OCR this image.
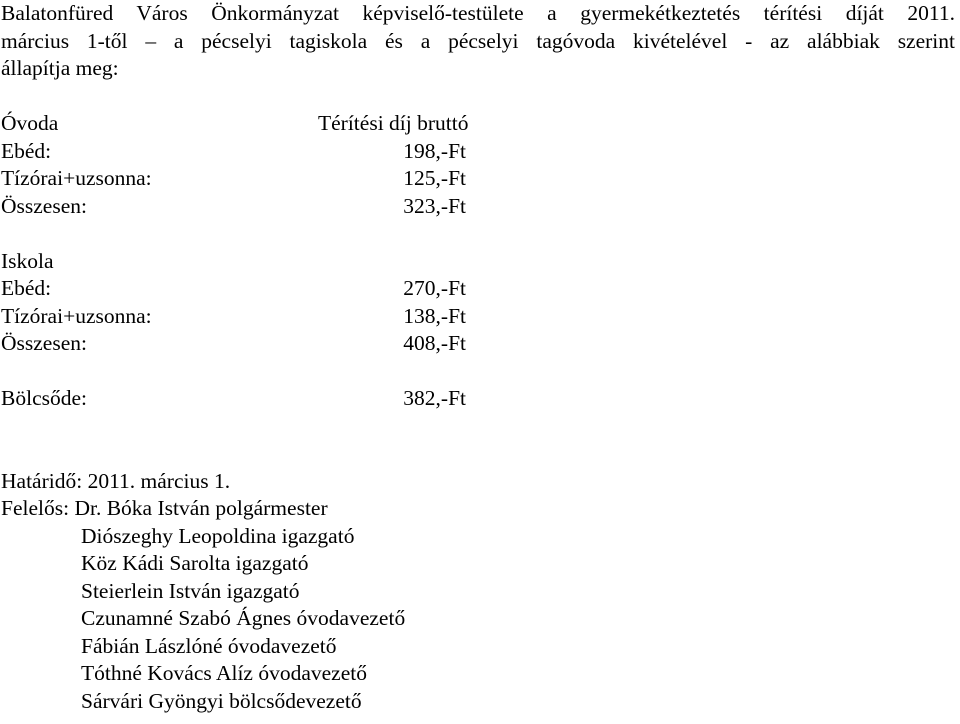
Balatonfüred Város Önkormányzat képviselő-testülete a gyermekétkeztetés térítési díját 2011.

március 1-től – a pécselyi tagiskola és a pécselyi tagóvoda kivételével - az alábbiak szerint

állapítja meg:

Óvoda	Térítési díj bruttó
Ebéd:	198,-Ft
Tízórai+uzsonna:	125,-Ft
Összesen:	323,-Ft
Iskola
Ebéd:	270,-Ft
Tízórai+uzsonna:	138,-Ft
Összesen:	408,-Ft
Bölcsőde:	382,-Ft
Határidő: 2011. március 1.
Felelős: Dr. Bóka István polgármester
Diószeghy Leopoldina igazgató
Köz Kádi Sarolta igazgató
Steierlein István igazgató
Czunamné Szabó Ágnes óvodavezető
Fábián Lászlóné óvodavezető
Tóthné Kovács Alíz óvodavezető
Sárvári Gyöngyi bölcsődevezető
